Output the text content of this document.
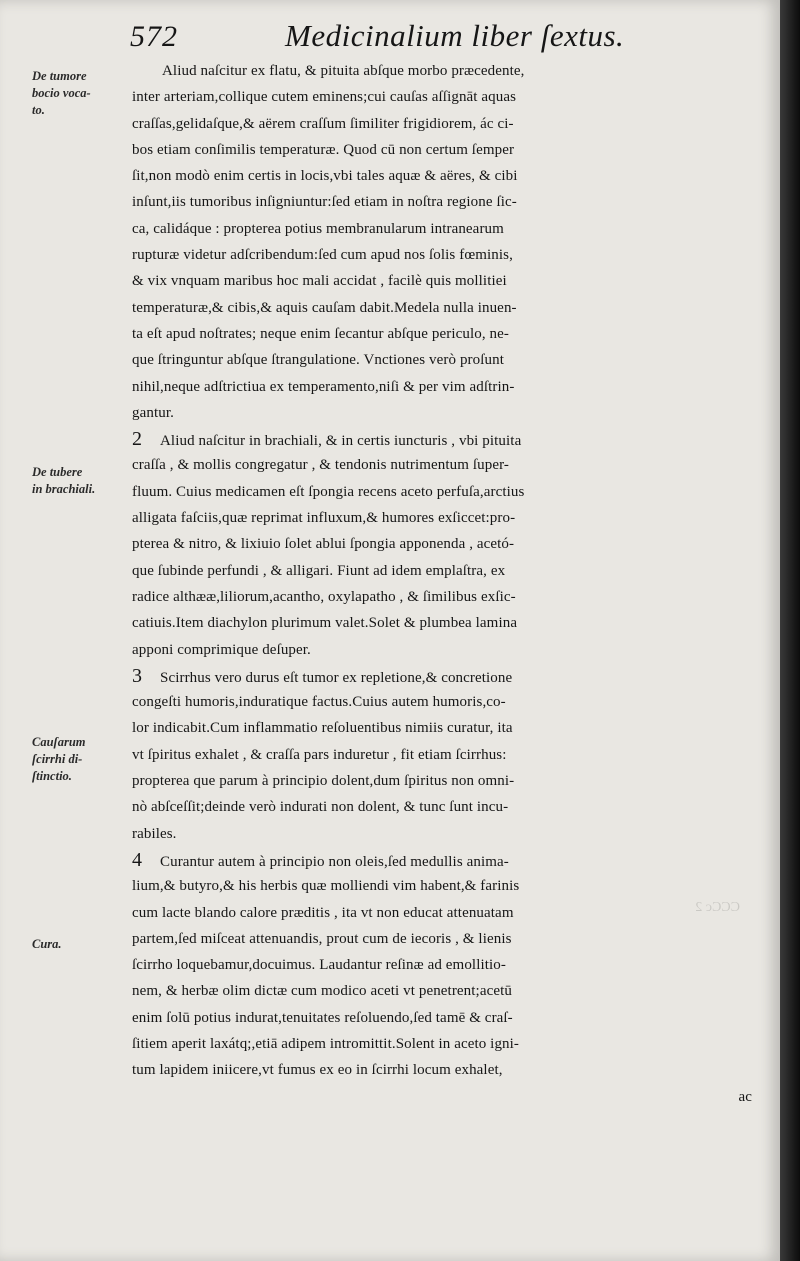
572	Medicinalium liber ſextus.
De tumore
bocio voca-
to.
De tubere
in brachiali.
Cauſarum
ſcirrhi di-
ſtinctio.
Cura.
CCCc 2
Aliud naſcitur ex flatu, & pituita abſque morbo præcedente,
inter arteriam,collique cutem eminens;cui cauſas aſſignāt aquas
craſſas,gelidaſque,& aërem craſſum ſimiliter frigidiorem, ác ci-
bos etiam conſimilis temperaturæ. Quod cū non certum ſemper
ſit,non modò enim certis in locis,vbi tales aquæ & aëres, & cibi
inſunt,iis tumoribus inſigniuntur:ſed etiam in noſtra regione ſic-
ca, calidáque : propterea potius membranularum intranearum
rupturæ videtur adſcribendum:ſed cum apud nos ſolis fœminis,
& vix vnquam maribus hoc mali accidat , facilè quis mollitiei
temperaturæ,& cibis,& aquis cauſam dabit.Medela nulla inuen-
ta eſt apud noſtrates; neque enim ſecantur abſque periculo, ne-
que ſtringuntur abſque ſtrangulatione. Vnctiones verò proſunt
nihil,neque adſtrictiua ex temperamento,niſi & per vim adſtrin-
gantur.
2 Aliud naſcitur in brachiali, & in certis iuncturis , vbi pituita
craſſa , & mollis congregatur , & tendonis nutrimentum ſuper-
fluum. Cuius medicamen eſt ſpongia recens aceto perfuſa,arctius
alligata faſciis,quæ reprimat influxum,& humores exſiccet:pro-
pterea & nitro, & lixiuio ſolet ablui ſpongia apponenda , acetó-
que ſubinde perfundi , & alligari. Fiunt ad idem emplaſtra, ex
radice althææ,liliorum,acantho, oxylapatho , & ſimilibus exſic-
catiuis.Item diachylon plurimum valet.Solet & plumbea lamina
apponi comprimique deſuper.
3 Scirrhus vero durus eſt tumor ex repletione,& concretione
congeſti humoris,induratique factus.Cuius autem humoris,co-
lor indicabit.Cum inflammatio reſoluentibus nimiis curatur, ita
vt ſpiritus exhalet , & craſſa pars induretur , fit etiam ſcirrhus:
propterea que parum à principio dolent,dum ſpiritus non omni-
nò abſceſſit;deinde verò indurati non dolent, & tunc ſunt incu-
rabiles.
4 Curantur autem à principio non oleis,ſed medullis anima-
lium,& butyro,& his herbis quæ molliendi vim habent,& farinis
cum lacte blando calore præditis , ita vt non educat attenuatam
partem,ſed miſceat attenuandis, prout cum de iecoris , & lienis
ſcirrho loquebamur,docuimus. Laudantur reſinæ ad emollitio-
nem, & herbæ olim dictæ cum modico aceti vt penetrent;acetū
enim ſolū potius indurat,tenuitates reſoluendo,ſed tamē & craſ-
ſitiem aperit laxátq;,etiā adipem intromittit.Solent in aceto igni-
tum lapidem iniicere,vt fumus ex eo in ſcirrhi locum exhalet,
ac
